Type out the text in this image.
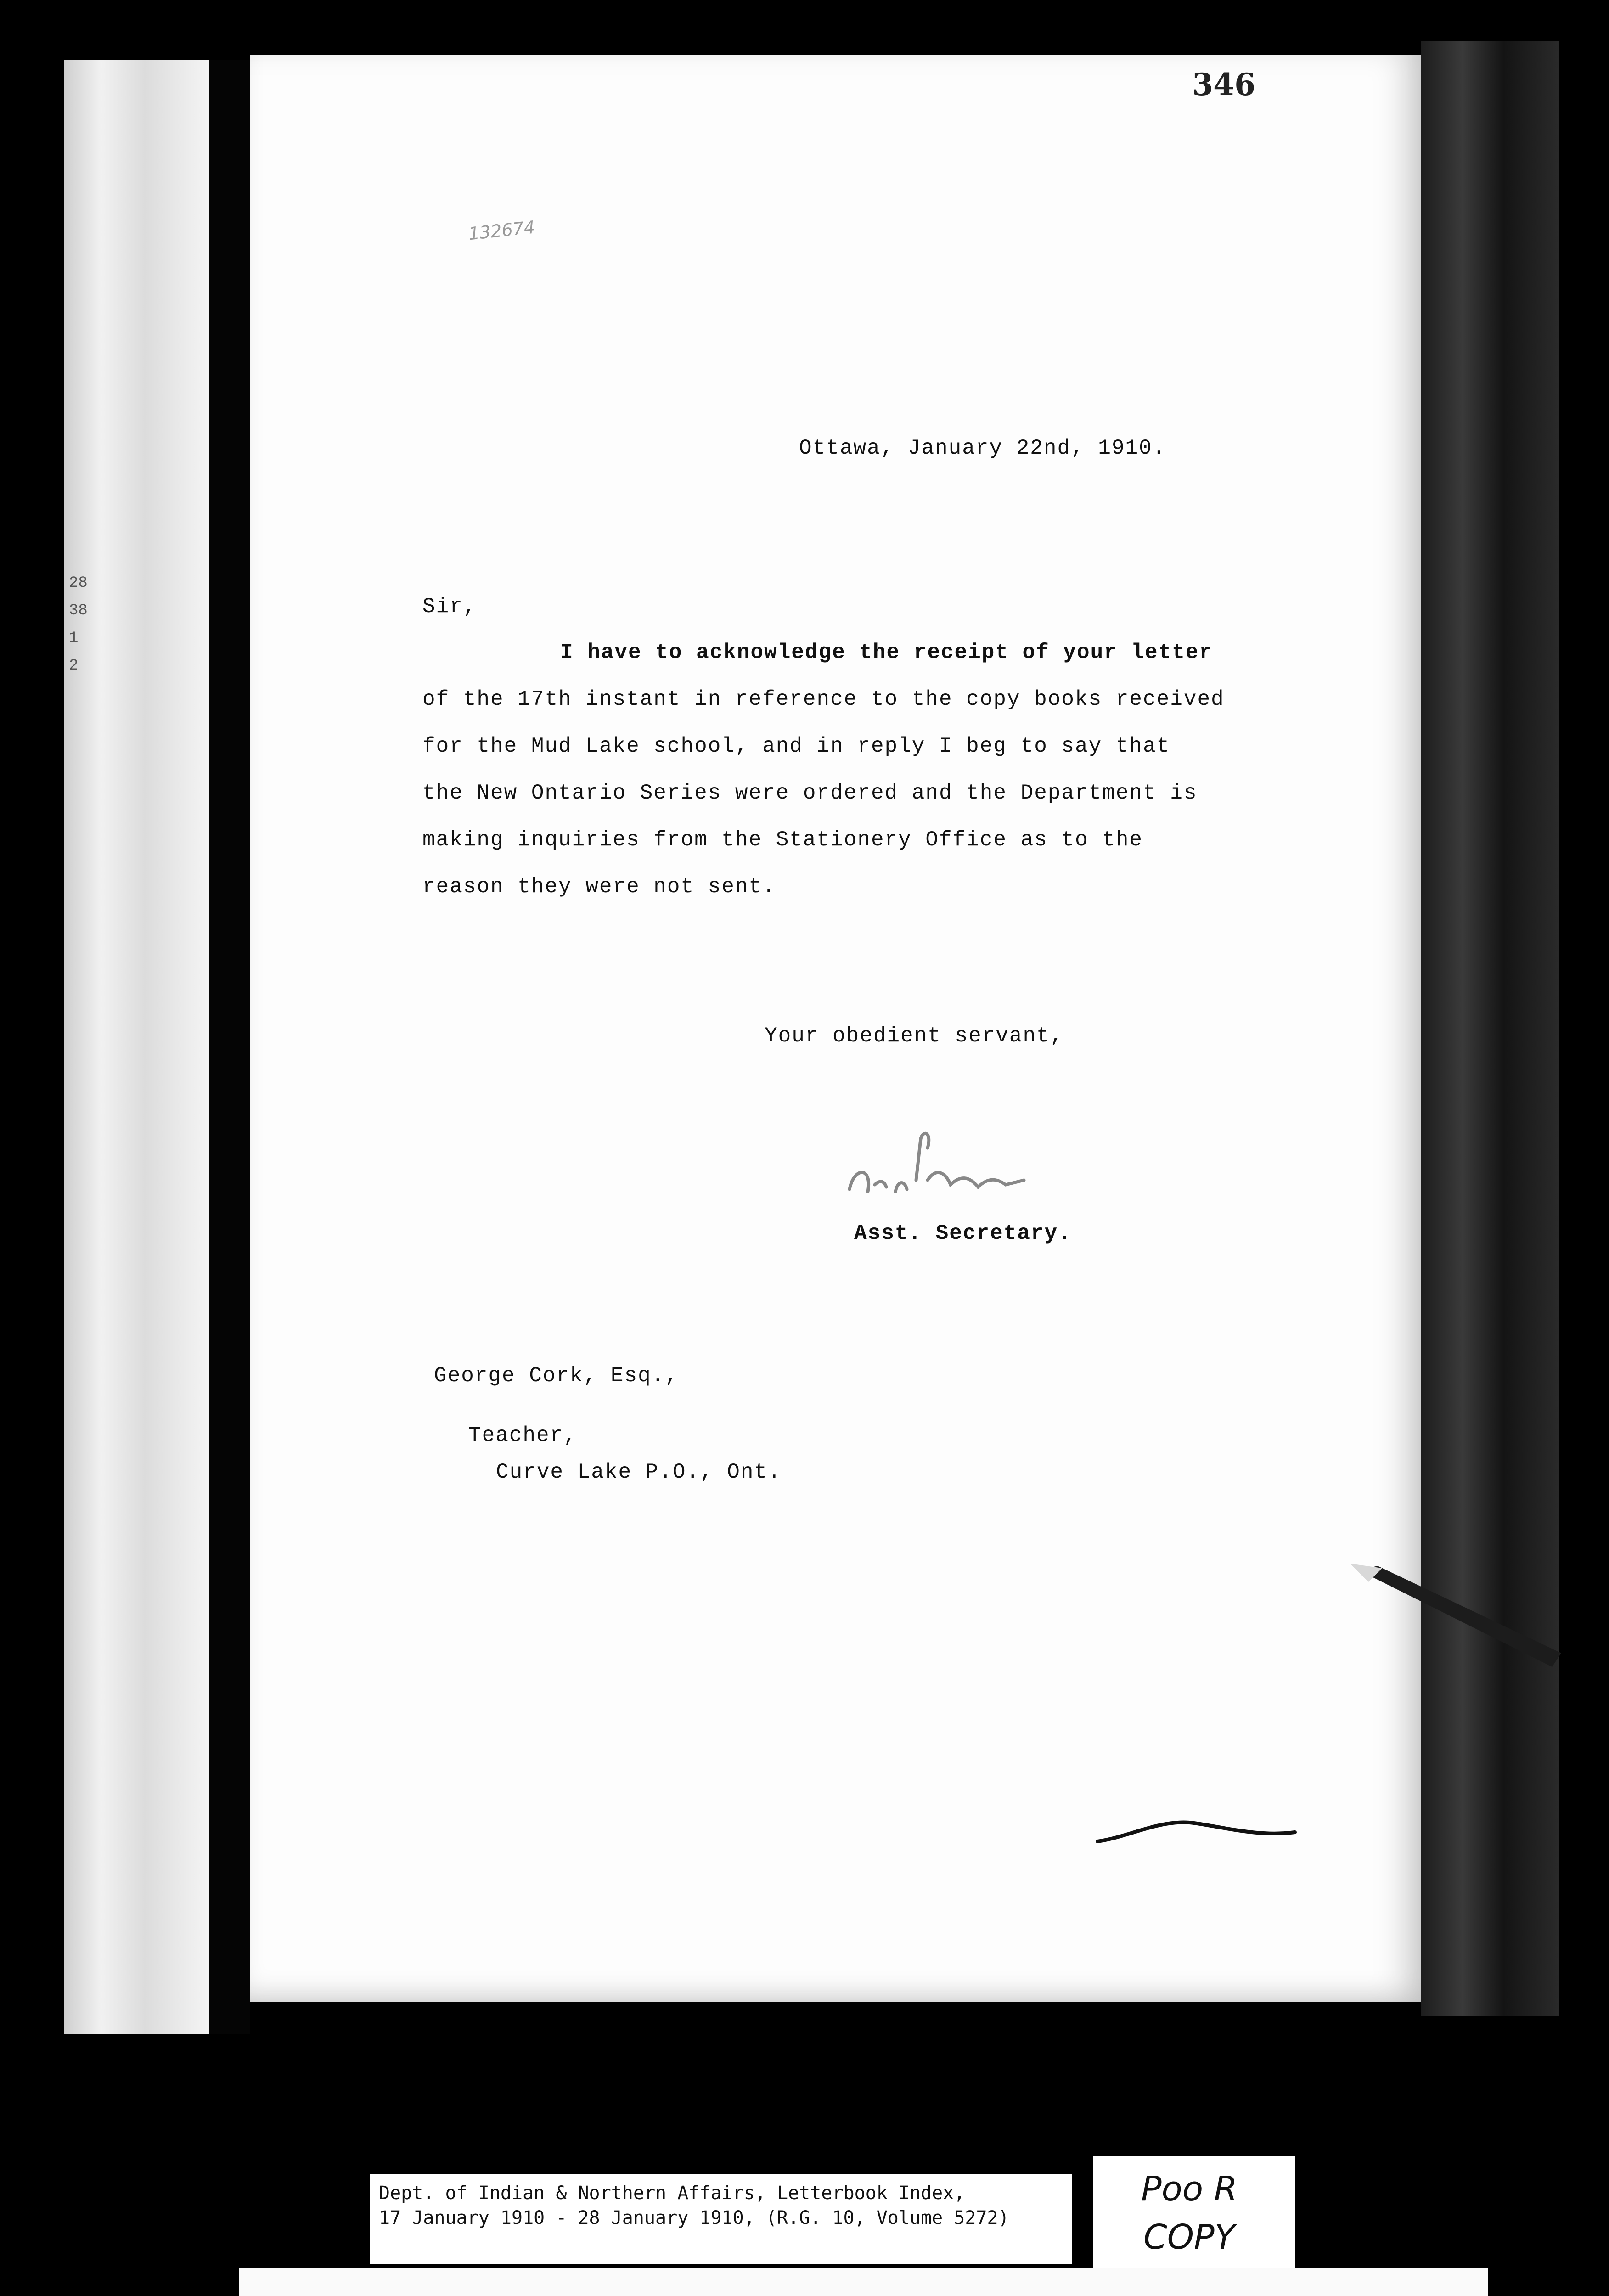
28
38
1
2
346
132674
Ottawa, January 22nd, 1910.
Sir,
I have to acknowledge the receipt of your letter
of the 17th instant in reference to the copy books received
for the Mud Lake school, and in reply I beg to say that
the New Ontario Series were ordered and the Department is
making inquiries from the Stationery Office as to the
reason they were not sent.
Your obedient servant,
Asst. Secretary.
George Cork, Esq.,
Teacher,
Curve Lake P.O., Ont.
Dept. of Indian & Northern Affairs, Letterbook Index,
17 January 1910 - 28 January 1910, (R.G. 10, Volume 5272)
Poo R
COPY
